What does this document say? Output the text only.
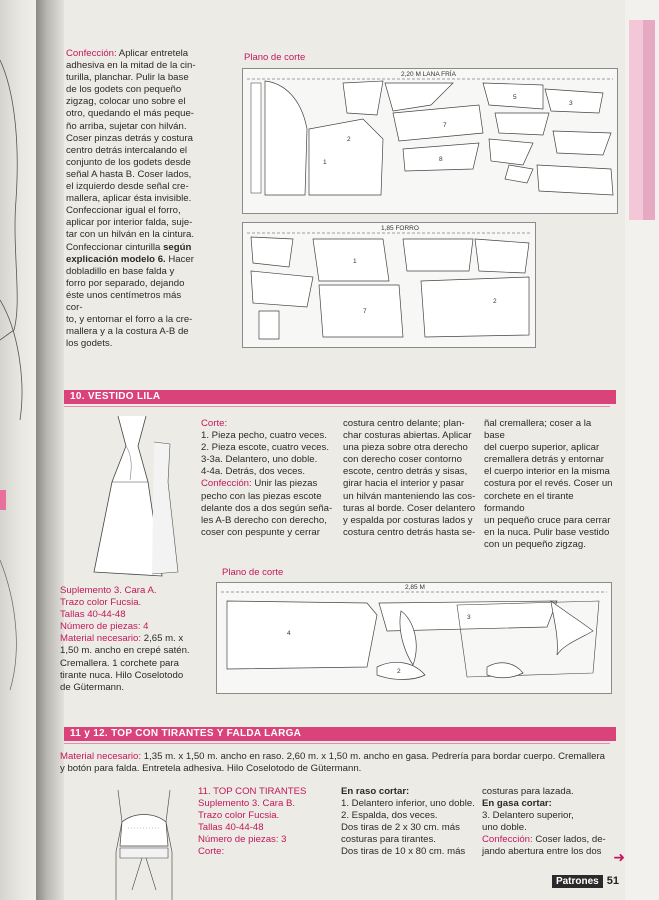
Confección: Aplicar entretela
adhesiva en la mitad de la cin-
turilla, planchar. Pulir la base
de los godets con pequeño
zigzag, colocar uno sobre el
otro, quedando el más peque-
ño arriba, sujetar con hilván.
Coser pinzas detrás y costura
centro detrás intercalando el
conjunto de los godets desde
señal A hasta B. Coser lados,
el izquierdo desde señal cre-
mallera, aplicar ésta invisible.
Confeccionar igual el forro,
aplicar por interior falda, suje-
tar con un hilván en la cintura.
Confeccionar cinturilla según
explicación modelo 6. Hacer
dobladillo en base falda y
forro por separado, dejando
éste unos centímetros más cor-
to, y entornar el forro a la cre-
mallera y a la costura A-B de
los godets.
Plano de corte
2,20 M LANA FRÍA
1
2
7
8
5
3
1,85 FORRO
1
7
2
10. VESTIDO LILA
Corte:
1. Pieza pecho, cuatro veces.
2. Pieza escote, cuatro veces.
3-3a. Delantero, uno doble.
4-4a. Detrás, dos veces.
Confección: Unir las piezas
pecho con las piezas escote
delante dos a dos según seña-
les A-B derecho con derecho,
coser con pespunte y cerrar
costura centro delante; plan-
char costuras abiertas. Aplicar
una pieza sobre otra derecho
con derecho coser contorno
escote, centro detrás y sisas,
girar hacia el interior y pasar
un hilván manteniendo las cos-
turas al borde. Coser delantero
y espalda por costuras lados y
costura centro detrás hasta se-
ñal cremallera; coser a la base
del cuerpo superior, aplicar
cremallera detrás y entornar
el cuerpo interior en la misma
costura por el revés. Coser un
corchete en el tirante formando
un pequeño cruce para cerrar
en la nuca. Pulir base vestido
con un pequeño zigzag.
Suplemento 3. Cara A.
Trazo color Fucsia.
Tallas 40-44-48
Número de piezas: 4
Material necesario: 2,65 m. x
1,50 m. ancho en crepé satén.
Cremallera. 1 corchete para
tirante nuca. Hilo Coselotodo
de Gütermann.
Plano de corte
2,85 M
4
3
2
11 y 12. TOP CON TIRANTES Y FALDA LARGA
Material necesario: 1,35 m. x 1,50 m. ancho en raso. 2,60 m. x 1,50 m. ancho en gasa. Pedrería para bordar cuerpo. Cremallera
y botón para falda. Entretela adhesiva. Hilo Coselotodo de Gütermann.
11. TOP CON TIRANTES
Suplemento 3. Cara B.
Trazo color Fucsia.
Tallas 40-44-48
Número de piezas: 3
Corte:
En raso cortar:
1. Delantero inferior, uno doble.
2. Espalda, dos veces.
Dos tiras de 2 x 30 cm. más
costuras para tirantes.
Dos tiras de 10 x 80 cm. más
costuras para lazada.
En gasa cortar:
3. Delantero superior,
uno doble.
Confección: Coser lados, de-
jando abertura entre los dos ➜
Patrones 51
